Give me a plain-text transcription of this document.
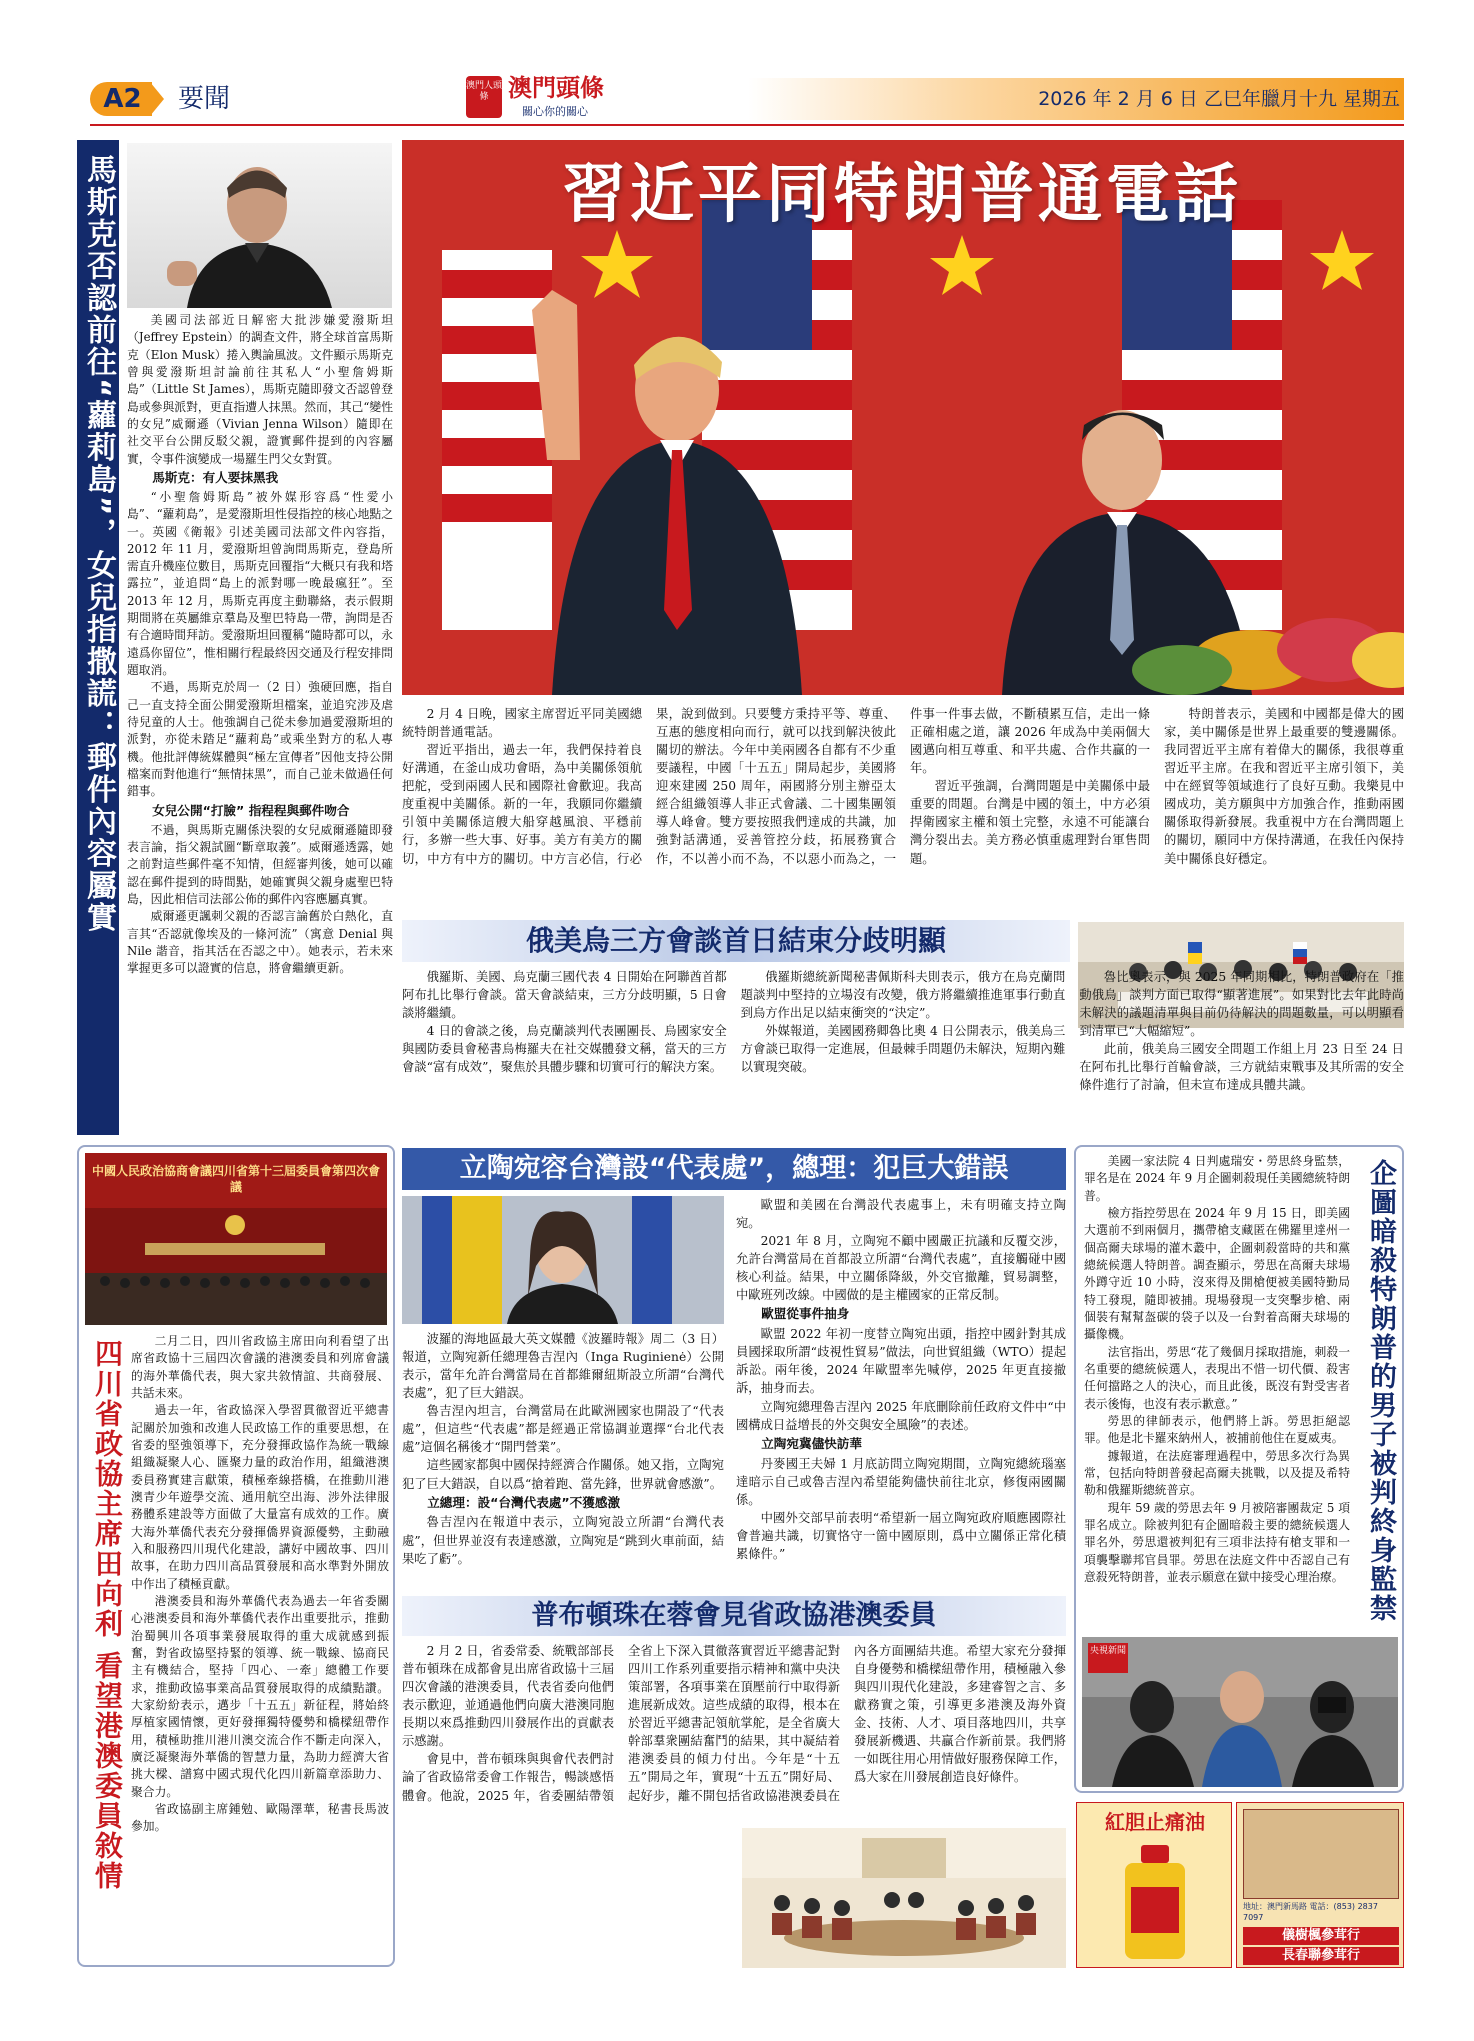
A2	要聞	澳門人頭條 澳門頭條
關心你的關心
2026 年 2 月 6 日 乙巳年臘月十九 星期五
馬斯克否認前往“蘿莉島”，女兒指撒謊：郵件內容屬實	美國司法部近日解密大批涉嫌愛潑斯坦（Jeffrey Epstein）的調查文件，將全球首富馬斯克（Elon Musk）捲入輿論風波。文件顯示馬斯克曾與愛潑斯坦討論前往其私人“小聖詹姆斯島”（Little St James），馬斯克隨即發文否認曾登島或參與派對，更直指遭人抹黑。然而，其己“變性的女兒”威爾遜（Vivian Jenna Wilson）隨即在社交平台公開反駁父親，證實郵件提到的內容屬實，令事件演變成一場羅生門父女對質。

馬斯克：有人要抹黑我

“小聖詹姆斯島”被外媒形容爲“性愛小島”、“蘿莉島”，是愛潑斯坦性侵指控的核心地點之一。英國《衛報》引述美國司法部文件內容指，2012 年 11 月，愛潑斯坦曾詢問馬斯克，登島所需直升機座位數目，馬斯克回覆指“大概只有我和塔露拉”，並追問“島上的派對哪一晚最瘋狂”。至 2013 年 12 月，馬斯克再度主動聯絡，表示假期期間將在英屬維京羣島及聖巴特島一帶，詢問是否有合適時間拜訪。愛潑斯坦回覆稱“隨時都可以，永遠爲你留位”，惟相關行程最終因交通及行程安排問題取消。

不過，馬斯克於周一（2 日）強硬回應，指自己一直支持全面公開愛潑斯坦檔案，並追究涉及虐待兒童的人士。他強調自己從未參加過愛潑斯坦的派對，亦從未踏足“蘿莉島”或乘坐對方的私人專機。他批評傳統媒體與“極左宣傳者”因他支持公開檔案而對他進行“無情抹黑”，而自己並未做過任何錯事。

女兒公開“打臉” 指程程與郵件吻合

不過，與馬斯克關係決裂的女兒威爾遜隨即發表言論，指父親試圖“斷章取義”。威爾遜透露，她之前對這些郵件毫不知情，但經審判後，她可以確認在郵件提到的時間點，她確實與父親身處聖巴特島，因此相信司法部公佈的郵件內容應屬真實。

威爾遜更諷刺父親的否認言論舊於白熱化，直言其“否認就像埃及的一條河流”（寓意 Denial 與 Nile 諧音，指其活在否認之中）。她表示，若未來掌握更多可以證實的信息，將會繼續更新。

習近平同特朗普通電話

2 月 4 日晚，國家主席習近平同美國總統特朗普通電話。

習近平指出，過去一年，我們保持着良好溝通，在釜山成功會晤，為中美關係領航把舵，受到兩國人民和國際社會歡迎。我高度重視中美關係。新的一年，我願同你繼續引領中美關係這艘大船穿越風浪、平穩前行，多辦一些大事、好事。美方有美方的關切，中方有中方的關切。中方言必信，行必果，說到做到。只要雙方秉持平等、尊重、互惠的態度相向而行，就可以找到解決彼此關切的辦法。今年中美兩國各自都有不少重要議程，中國「十五五」開局起步，美國將迎來建國 250 周年，兩國將分別主辦亞太經合組織領導人非正式會議、二十國集團領導人峰會。雙方要按照我們達成的共識，加強對話溝通，妥善管控分歧，拓展務實合作，不以善小而不為，不以惡小而為之，一件事一件事去做，不斷積累互信，走出一條正確相處之道，讓 2026 年成為中美兩個大國邁向相互尊重、和平共處、合作共贏的一年。

習近平強調，台灣問題是中美關係中最重要的問題。台灣是中國的領土，中方必須捍衛國家主權和領土完整，永遠不可能讓台灣分裂出去。美方務必慎重處理對台軍售問題。

特朗普表示，美國和中國都是偉大的國家，美中關係是世界上最重要的雙邊關係。我同習近平主席有着偉大的關係，我很尊重習近平主席。在我和習近平主席引領下，美中在經貿等領域進行了良好互動。我樂見中國成功，美方願與中方加強合作，推動兩國關係取得新發展。我重視中方在台灣問題上的關切，願同中方保持溝通，在我任內保持美中關係良好穩定。

俄美烏三方會談首日結束分歧明顯

俄羅斯、美國、烏克蘭三國代表 4 日開始在阿聯酋首都阿布扎比舉行會談。當天會談結束，三方分歧明顯，5 日會談將繼續。

4 日的會談之後，烏克蘭談判代表團團長、烏國家安全與國防委員會秘書烏梅羅夫在社交媒體發文稱，當天的三方會談“富有成效”，聚焦於具體步驟和切實可行的解決方案。

俄羅斯總統新聞秘書佩斯科夫則表示，俄方在烏克蘭問題談判中堅持的立場沒有改變，俄方將繼續推進軍事行動直到烏方作出足以結束衝突的“決定”。

外媒報道，美國國務卿魯比奧 4 日公開表示，俄美烏三方會談已取得一定進展，但最棘手問題仍未解決，短期內難以實現突破。

魯比奧表示，與 2025 年同期相比，特朗普政府在「推動俄烏」談判方面已取得“顯著進展”。如果對比去年此時尚未解決的議題清單與目前仍待解決的問題數量，可以明顯看到清單已“大幅縮短”。

此前，俄美烏三國安全問題工作組上月 23 日至 24 日在阿布扎比舉行首輪會談，三方就結束戰事及其所需的安全條件進行了討論，但未宣布達成具體共識。

中國人民政治協商會議四川省第十三屆委員會第四次會議
四川省政協主席田向利 看望港澳委員敘情	二月二日，四川省政協主席田向利看望了出席省政協十三屆四次會議的港澳委員和列席會議的海外華僑代表，與大家共敘情誼、共商發展、共話未來。

過去一年，省政協深入學習貫徹習近平總書記關於加強和改進人民政協工作的重要思想，在省委的堅強領導下，充分發揮政協作為統一戰線組織凝聚人心、匯聚力量的政治作用，組織港澳委員務實建言獻策，積極牽線搭橋，在推動川港澳青少年遊學交流、通用航空出海、涉外法律服務體系建設等方面做了大量富有成效的工作。廣大海外華僑代表充分發揮僑界資源優勢，主動融入和服務四川現代化建設，講好中國故事、四川故事，在助力四川高品質發展和高水準對外開放中作出了積極貢獻。

港澳委員和海外華僑代表為過去一年省委關心港澳委員和海外華僑代表作出重要批示，推動治蜀興川各項事業發展取得的重大成就感到振奮，對省政協堅持緊的領導、統一戰線、協商民主有機結合，堅持「四心、一牽」總體工作要求，推動政協事業高品質發展取得的成績點讚。大家紛紛表示，邁步「十五五」新征程，將始終厚植家國情懷，更好發揮獨特優勢和橋樑紐帶作用，積極助推川港川澳交流合作不斷走向深入，廣泛凝聚海外華僑的智慧力量，為助力經濟大省挑大樑、譜寫中國式現代化四川新篇章添助力、聚合力。

省政協副主席鍾勉、歐陽澤華，秘書長馬波參加。

立陶宛容台灣設“代表處”，總理：犯巨大錯誤

波羅的海地區最大英文媒體《波羅時報》周二（3 日）報道，立陶宛新任總理魯吉涅內（Inga Ruginienė）公開表示，當年允許台灣當局在首都維爾紐斯設立所謂“台灣代表處”，犯了巨大錯誤。

魯吉涅內坦言，台灣當局在此歐洲國家也開設了“代表處”，但這些“代表處”都是經過正常協調並選擇“台北代表處”這個名稱後才“開門營業”。

這些國家都與中國保持經濟合作關係。她又指，立陶宛犯了巨大錯誤，自以爲“搶着跑、當先鋒，世界就會感激”。

立總理：設“台灣代表處”不獲感激

魯吉涅內在報道中表示，立陶宛設立所謂“台灣代表處”，但世界並沒有表達感激，立陶宛是“跳到火車前面，結果吃了虧”。

歐盟和美國在台灣設代表處事上，未有明確支持立陶宛。

2021 年 8 月，立陶宛不顧中國嚴正抗議和反覆交涉，允許台灣當局在首都設立所謂“台灣代表處”，直接觸碰中國核心利益。結果，中立關係降級，外交官撤離，貿易調整，中歐班列改線。中國做的是主權國家的正常反制。

歐盟從事件抽身

歐盟 2022 年初一度替立陶宛出頭，指控中國針對其成員國採取所謂“歧視性貿易”做法，向世貿組織（WTO）提起訴訟。兩年後，2024 年歐盟率先喊停，2025 年更直接撤訴，抽身而去。

立陶宛總理魯吉涅內 2025 年底刪除前任政府文件中“中國構成日益增長的外交與安全風險”的表述。

立陶宛冀儘快訪華

丹麥國王夫婦 1 月底訪問立陶宛期間，立陶宛總統瑙塞達暗示自己或魯吉涅內希望能夠儘快前往北京，修復兩國關係。

中國外交部早前表明“希望新一屆立陶宛政府順應國際社會普遍共識，切實恪守一箇中國原則，爲中立關係正常化積累條件。”

普布頓珠在蓉會見省政協港澳委員

2 月 2 日，省委常委、統戰部部長普布頓珠在成都會見出席省政協十三屆四次會議的港澳委員，代表省委向他們表示歡迎，並通過他們向廣大港澳同胞長期以來爲推動四川發展作出的貢獻表示感謝。

會見中，普布頓珠與與會代表們討論了省政協常委會工作報告，暢談感悟體會。他說，2025 年，省委團結帶領全省上下深入貫徹落實習近平總書記對四川工作系列重要指示精神和黨中央決策部署，各項事業在頂壓前行中取得新進展新成效。這些成績的取得，根本在於習近平總書記領航掌舵，是全省廣大幹部羣衆團結奮鬥的結果，其中凝結着港澳委員的傾力付出。今年是“十五五”開局之年，實現“十五五”開好局、起好步，離不開包括省政協港澳委員在內各方面團結共進。希望大家充分發揮自身優勢和橋樑紐帶作用，積極融入參與四川現代化建設，多建睿智之言、多獻務實之策，引導更多港澳及海外資金、技術、人才、項目落地四川，共享發展新機遇、共贏合作新前景。我們將一如既往用心用情做好服務保障工作，爲大家在川發展創造良好條件。

美國一家法院 4 日判處瑞安・勞思終身監禁，罪名是在 2024 年 9 月企圖刺殺現任美國總統特朗普。

檢方指控勞思在 2024 年 9 月 15 日，即美國大選前不到兩個月，攜帶槍支藏匿在佛羅里達州一個高爾夫球場的灌木叢中，企圖刺殺當時的共和黨總統候選人特朗普。調查顯示，勞思在高爾夫球場外蹲守近 10 小時，沒來得及開槍便被美國特勤局特工發現，隨即被捕。現場發現一支突擊步槍、兩個裝有幫幫盔碳的袋子以及一台對着高爾夫球場的攝像機。

法官指出，勞思“花了幾個月採取措施，刺殺一名重要的總統候選人，表現出不惜一切代價、殺害任何擋路之人的決心，而且此後，既沒有對受害者表示後悔，也沒有表示歉意。”

勞思的律師表示，他們將上訴。勞思拒絕認罪。他是北卡羅來納州人，被捕前他住在夏威夷。

據報道，在法庭審理過程中，勞思多次行為異常，包括向特朗普發起高爾夫挑戰，以及提及希特勒和俄羅斯總統普京。

現年 59 歲的勞思去年 9 月被陪審團裁定 5 項罪名成立。除被判犯有企圖暗殺主要的總統候選人罪名外，勞思還被判犯有三項非法持有槍支罪和一項襲擊聯邦官員罪。勞思在法庭文件中否認自己有意殺死特朗普，並表示願意在獄中接受心理治療。 企圖暗殺特朗普的男子被判終身監禁
央視新聞
紅胆止痛油
地址：澳門新馬路 電話：(853) 2837 7097
儀樹楓參茸行
長春聯參茸行
